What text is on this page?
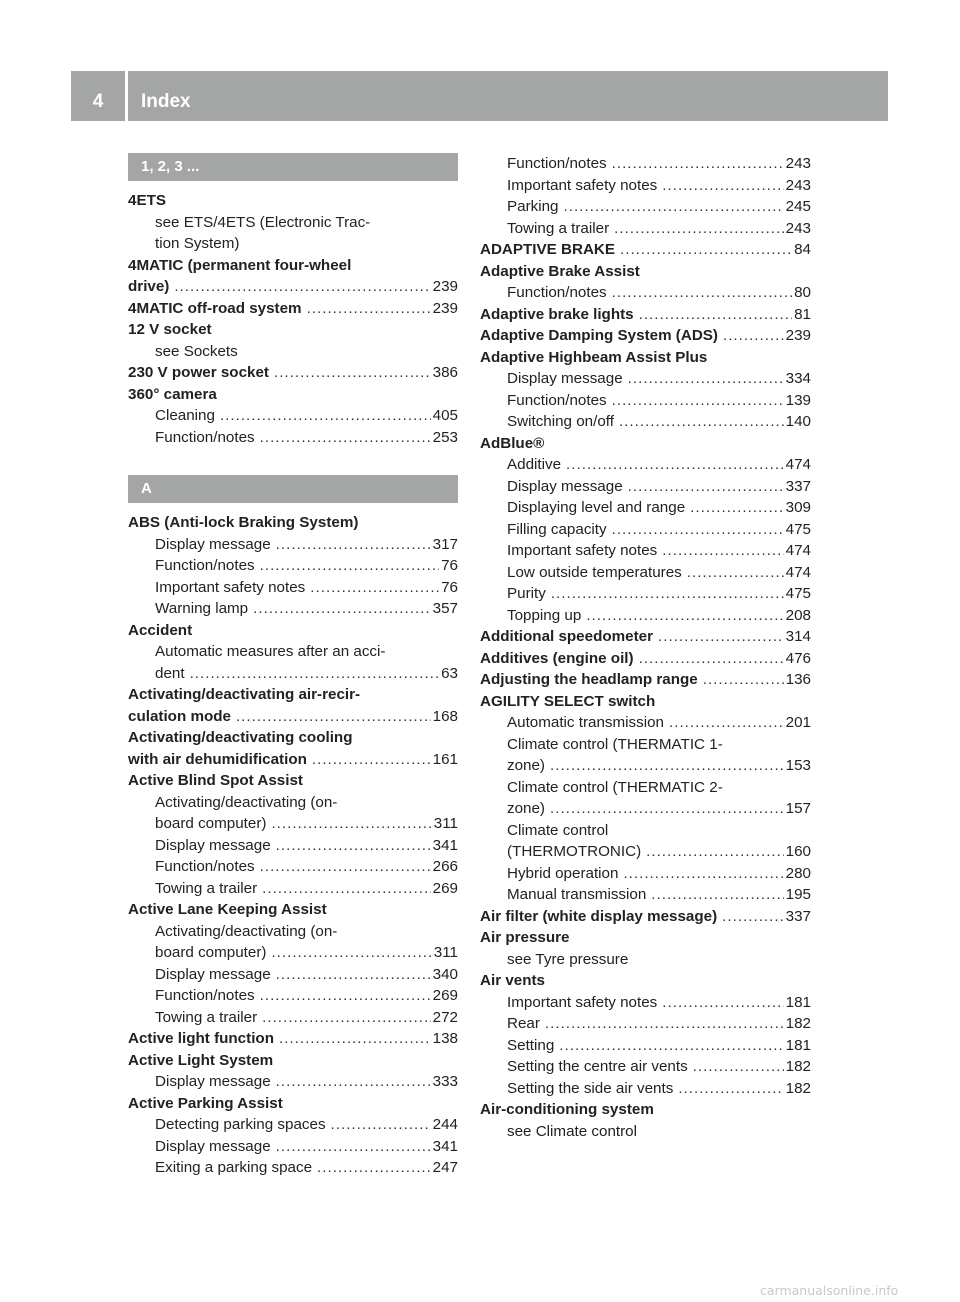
4	Index
1, 2, 3 ...
4ETS
see ETS/4ETS (Electronic Trac-
tion System)
4MATIC (permanent four-wheel
drive) .....	239
4MATIC off-road system .....	239
12 V socket
see Sockets
230 V power socket .....	386
360° camera
Cleaning .....	405
Function/notes .....	253
A
ABS (Anti-lock Braking System)
Display message .....	317
Function/notes .....	76
Important safety notes .....	76
Warning lamp .....	357
Accident
Automatic measures after an acci-
dent .....	63
Activating/deactivating air-recir-
culation mode .....	168
Activating/deactivating cooling
with air dehumidification .....	161
Active Blind Spot Assist
Activating/deactivating (on-
board computer) .....	311
Display message .....	341
Function/notes .....	266
Towing a trailer .....	269
Active Lane Keeping Assist
Activating/deactivating (on-
board computer) .....	311
Display message .....	340
Function/notes .....	269
Towing a trailer .....	272
Active light function .....	138
Active Light System
Display message .....	333
Active Parking Assist
Detecting parking spaces .....	244
Display message .....	341
Exiting a parking space .....	247
Function/notes .....	243
Important safety notes .....	243
Parking .....	245
Towing a trailer .....	243
ADAPTIVE BRAKE .....	84
Adaptive Brake Assist
Function/notes .....	80
Adaptive brake lights .....	81
Adaptive Damping System (ADS) .....	239
Adaptive Highbeam Assist Plus
Display message .....	334
Function/notes .....	139
Switching on/off .....	140
AdBlue®
Additive .....	474
Display message .....	337
Displaying level and range .....	309
Filling capacity .....	475
Important safety notes .....	474
Low outside temperatures .....	474
Purity .....	475
Topping up .....	208
Additional speedometer .....	314
Additives (engine oil) .....	476
Adjusting the headlamp range .....	136
AGILITY SELECT switch
Automatic transmission .....	201
Climate control (THERMATIC 1-
zone) .....	153
Climate control (THERMATIC 2-
zone) .....	157
Climate control
(THERMOTRONIC) .....	160
Hybrid operation .....	280
Manual transmission .....	195
Air filter (white display message) .....	337
Air pressure
see Tyre pressure
Air vents
Important safety notes .....	181
Rear .....	182
Setting .....	181
Setting the centre air vents .....	182
Setting the side air vents .....	182
Air-conditioning system
see Climate control
carmanualsonline.info
